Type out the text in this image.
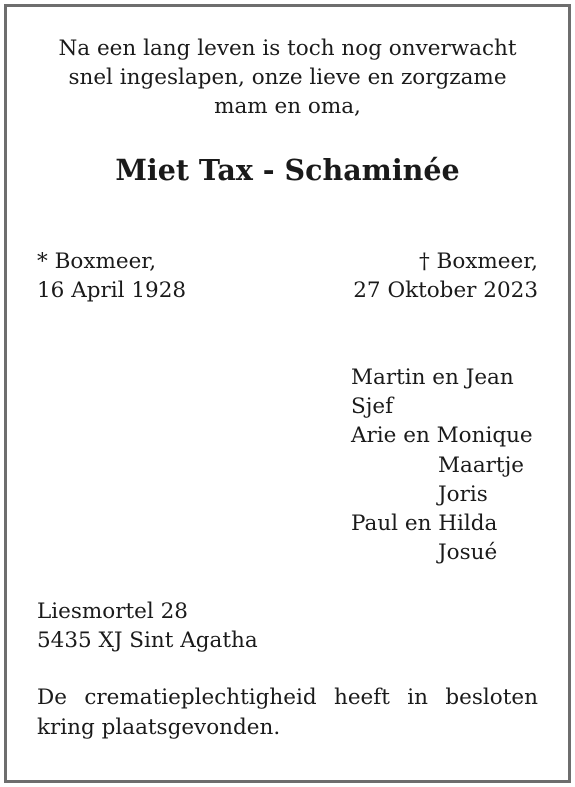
Na een lang leven is toch nog onverwacht
snel ingeslapen, onze lieve en zorgzame
mam en oma,
Miet Tax - Schaminée
* Boxmeer,
16 April 1928
† Boxmeer,
27 Oktober 2023
Martin en Jean
Sjef
Arie en Monique
Maartje
Joris
Paul en Hilda
Josué
Liesmortel 28
5435 XJ Sint Agatha
De crematieplechtigheid heeft in besloten
kring plaatsgevonden.
